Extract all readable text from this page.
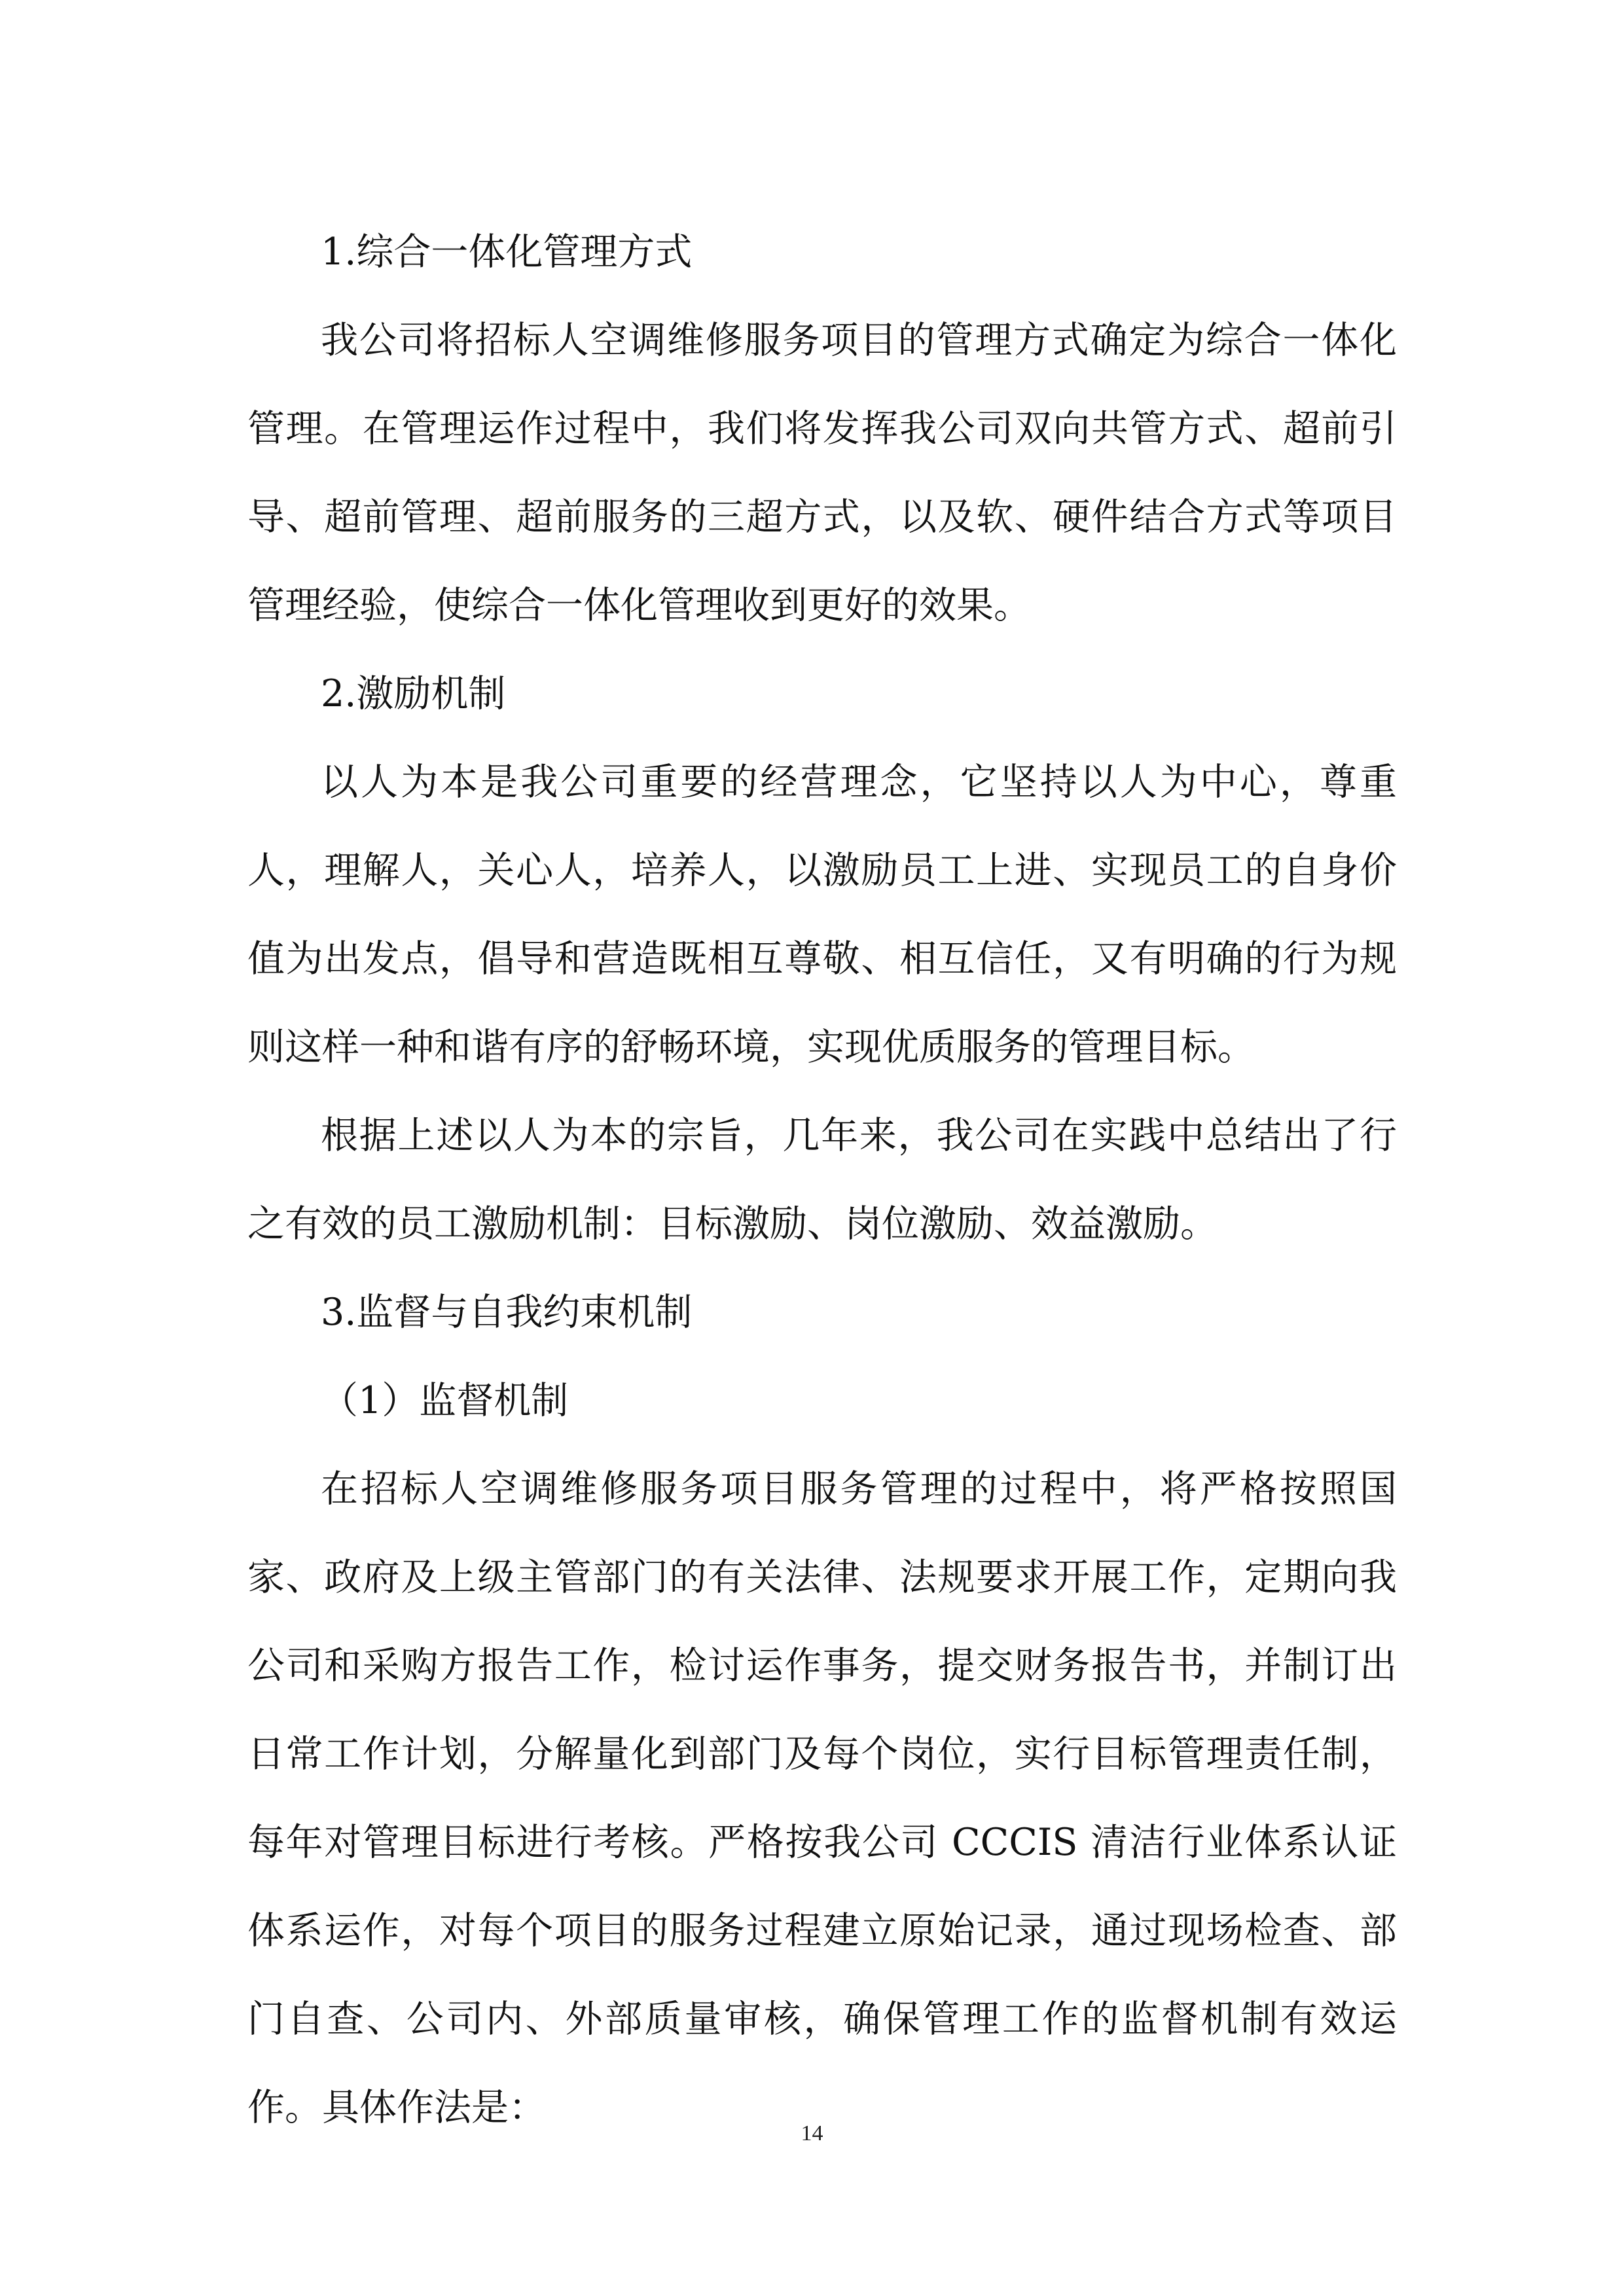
1.综合一体化管理方式

我公司将招标人空调维修服务项目的管理方式确定为综合一体化管理。在管理运作过程中，我们将发挥我公司双向共管方式、超前引导、超前管理、超前服务的三超方式，以及软、硬件结合方式等项目管理经验，使综合一体化管理收到更好的效果。

2.激励机制

以人为本是我公司重要的经营理念，它坚持以人为中心，尊重人，理解人，关心人，培养人，以激励员工上进、实现员工的自身价值为出发点，倡导和营造既相互尊敬、相互信任，又有明确的行为规则这样一种和谐有序的舒畅环境，实现优质服务的管理目标。

根据上述以人为本的宗旨，几年来，我公司在实践中总结出了行之有效的员工激励机制：目标激励、岗位激励、效益激励。

3.监督与自我约束机制

（1）监督机制

在招标人空调维修服务项目服务管理的过程中，将严格按照国家、政府及上级主管部门的有关法律、法规要求开展工作，定期向我公司和采购方报告工作，检讨运作事务，提交财务报告书，并制订出日常工作计划，分解量化到部门及每个岗位，实行目标管理责任制，每年对管理目标进行考核。严格按我公司 CCCIS 清洁行业体系认证体系运作，对每个项目的服务过程建立原始记录，通过现场检查、部门自查、公司内、外部质量审核，确保管理工作的监督机制有效运作。具体作法是：

14
